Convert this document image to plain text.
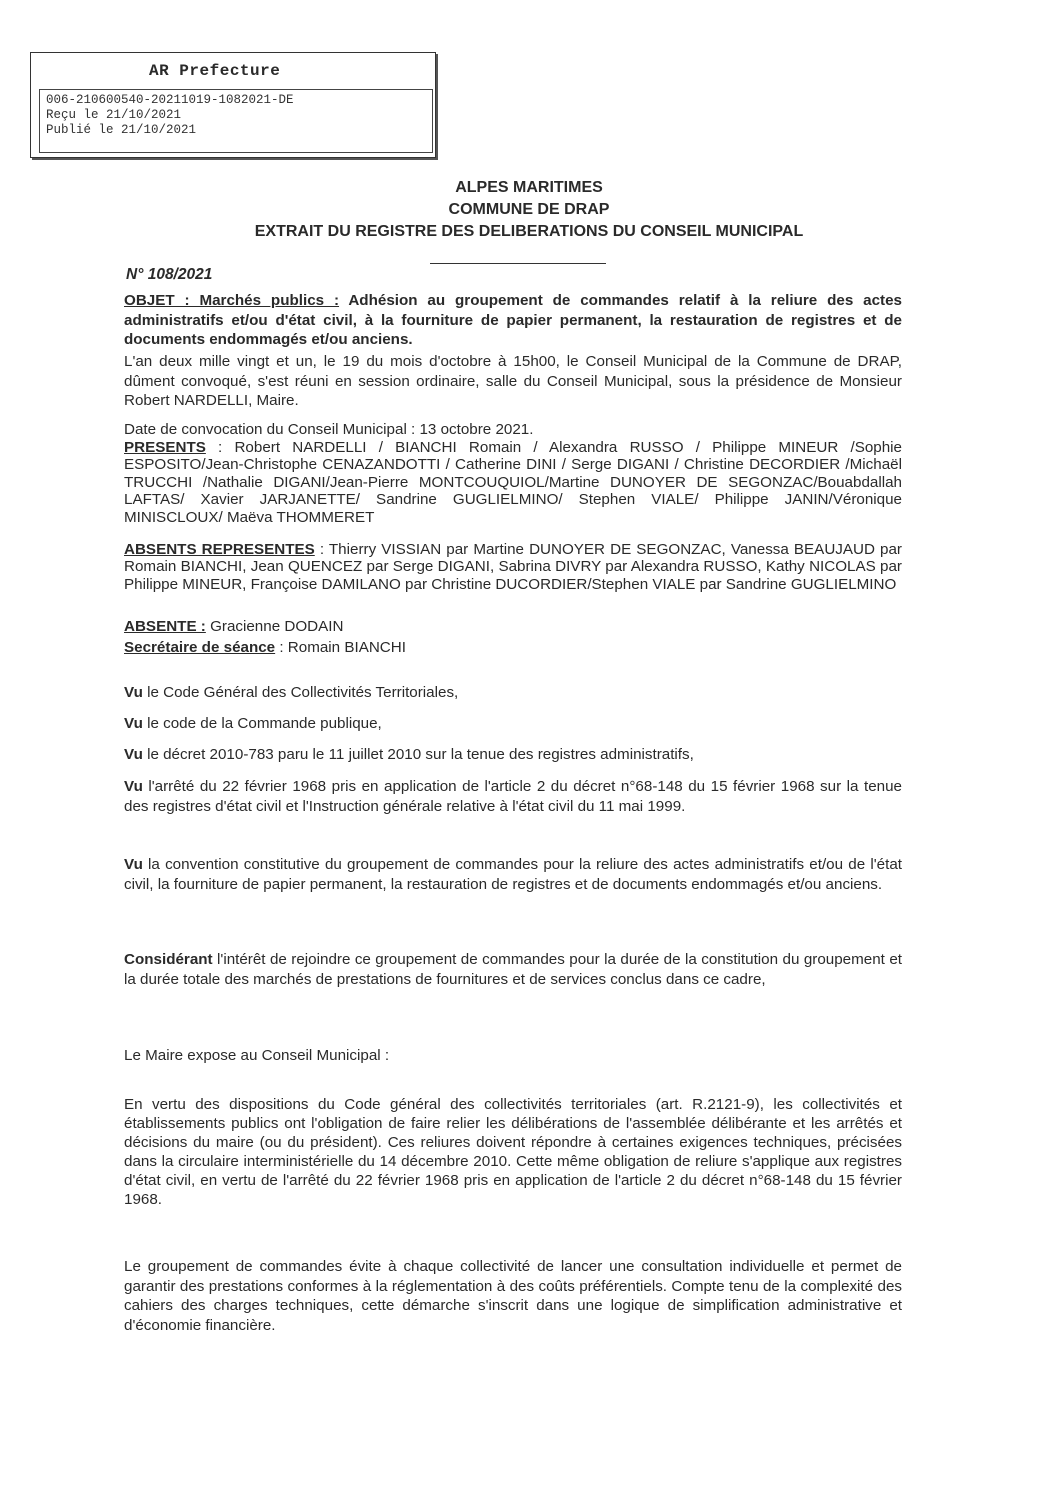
AR Prefecture
006-210600540-20211019-1082021-DE
Reçu le 21/10/2021
Publié le 21/10/2021
ALPES MARITIMES
COMMUNE DE DRAP
EXTRAIT DU REGISTRE DES DELIBERATIONS DU CONSEIL MUNICIPAL
N° 108/2021

OBJET : Marchés publics : Adhésion au groupement de commandes relatif à la reliure des actes administratifs et/ou d'état civil, à la fourniture de papier permanent, la restauration de registres et de documents endommagés et/ou anciens.

L'an deux mille vingt et un, le 19 du mois d'octobre à 15h00, le Conseil Municipal de la Commune de DRAP, dûment convoqué, s'est réuni en session ordinaire, salle du Conseil Municipal, sous la présidence de Monsieur Robert NARDELLI, Maire.

Date de convocation du Conseil Municipal : 13 octobre 2021.

PRESENTS : Robert NARDELLI / BIANCHI Romain / Alexandra RUSSO / Philippe MINEUR /Sophie ESPOSITO/Jean-Christophe CENAZANDOTTI / Catherine DINI / Serge DIGANI / Christine DECORDIER /Michaël TRUCCHI /Nathalie DIGANI/Jean-Pierre MONTCOUQUIOL/Martine DUNOYER DE SEGONZAC/Bouabdallah LAFTAS/ Xavier JARJANETTE/ Sandrine GUGLIELMINO/ Stephen VIALE/ Philippe JANIN/Véronique MINISCLOUX/ Maëva THOMMERET

ABSENTS REPRESENTES : Thierry VISSIAN par Martine DUNOYER DE SEGONZAC, Vanessa BEAUJAUD par Romain BIANCHI, Jean QUENCEZ par Serge DIGANI, Sabrina DIVRY par Alexandra RUSSO, Kathy NICOLAS par Philippe MINEUR, Françoise DAMILANO par Christine DUCORDIER/Stephen VIALE par Sandrine GUGLIELMINO

ABSENTE : Gracienne DODAIN

Secrétaire de séance : Romain BIANCHI

Vu le Code Général des Collectivités Territoriales,

Vu le code de la Commande publique,

Vu le décret 2010-783 paru le 11 juillet 2010 sur la tenue des registres administratifs,

Vu l'arrêté du 22 février 1968 pris en application de l'article 2 du décret n°68-148 du 15 février 1968 sur la tenue des registres d'état civil et l'Instruction générale relative à l'état civil du 11 mai 1999.

Vu la convention constitutive du groupement de commandes pour la reliure des actes administratifs et/ou de l'état civil, la fourniture de papier permanent, la restauration de registres et de documents endommagés et/ou anciens.

Considérant l'intérêt de rejoindre ce groupement de commandes pour la durée de la constitution du groupement et la durée totale des marchés de prestations de fournitures et de services conclus dans ce cadre,

Le Maire expose au Conseil Municipal :

En vertu des dispositions du Code général des collectivités territoriales (art. R.2121-9), les collectivités et établissements publics ont l'obligation de faire relier les délibérations de l'assemblée délibérante et les arrêtés et décisions du maire (ou du président). Ces reliures doivent répondre à certaines exigences techniques, précisées dans la circulaire interministérielle du 14 décembre 2010. Cette même obligation de reliure s'applique aux registres d'état civil, en vertu de l'arrêté du 22 février 1968 pris en application de l'article 2 du décret n°68-148 du 15 février 1968.

Le groupement de commandes évite à chaque collectivité de lancer une consultation individuelle et permet de garantir des prestations conformes à la réglementation à des coûts préférentiels. Compte tenu de la complexité des cahiers des charges techniques, cette démarche s'inscrit dans une logique de simplification administrative et d'économie financière.
